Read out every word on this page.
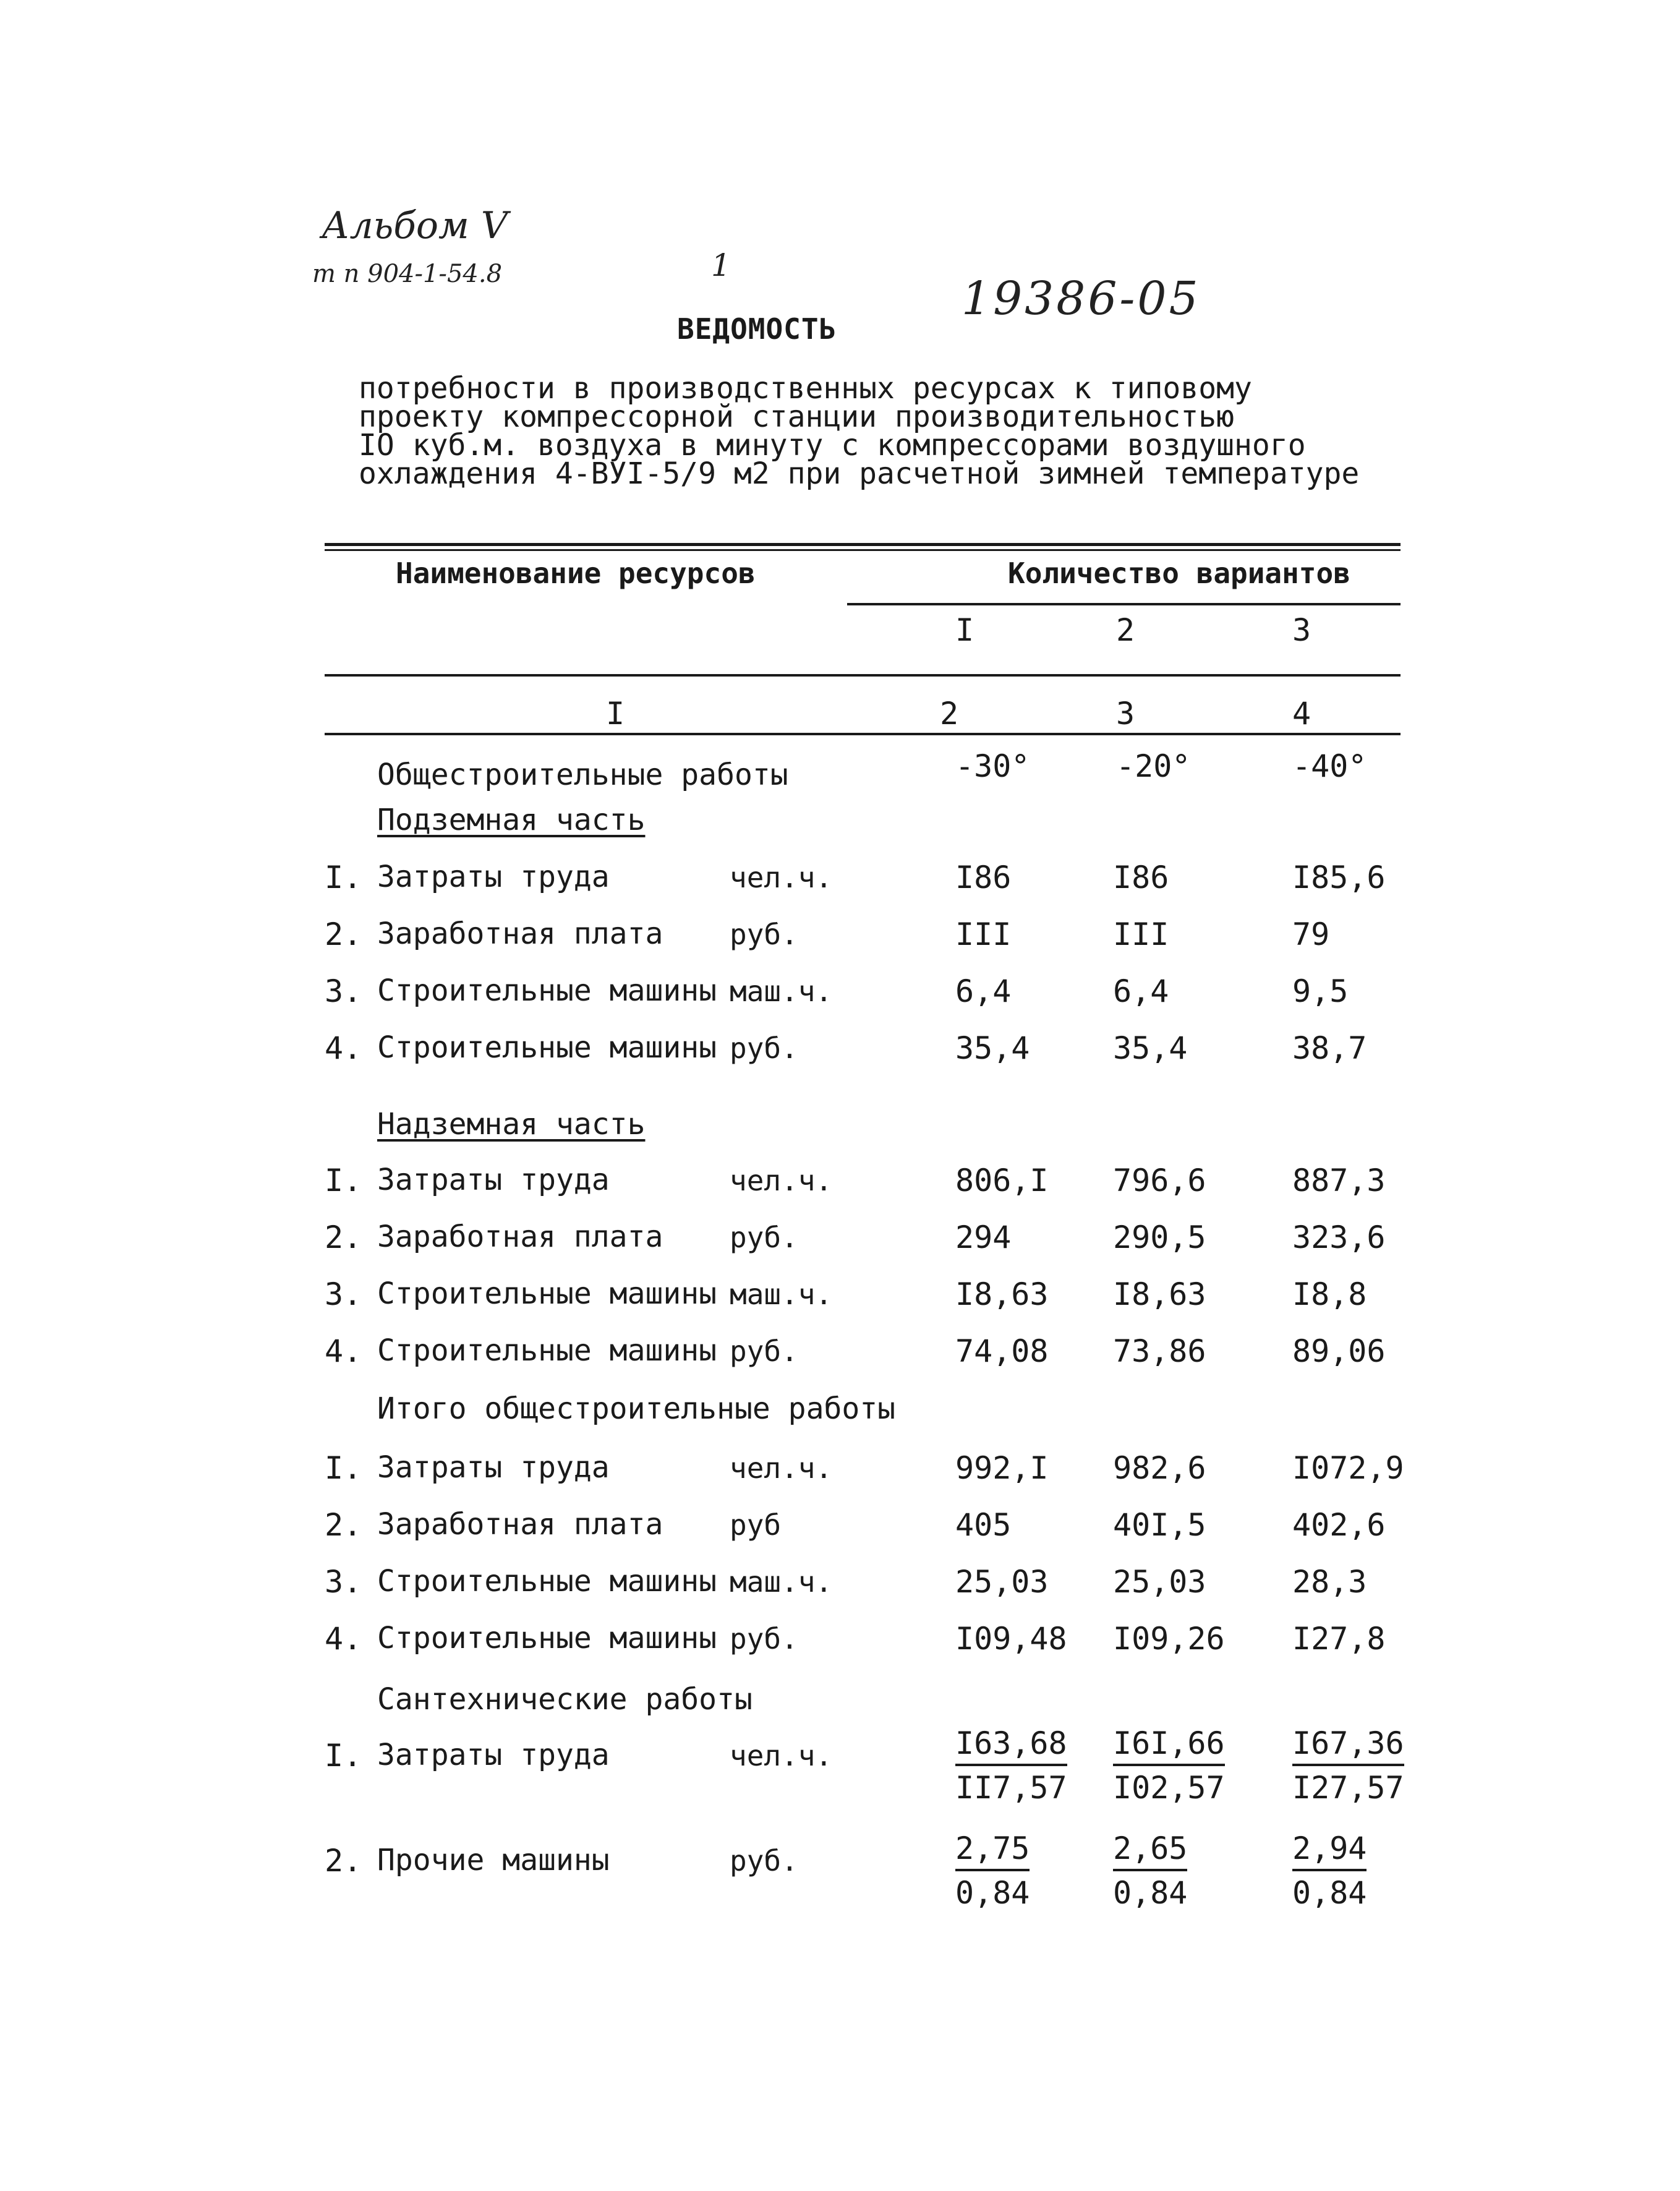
Альбом Ⅴ
т п 904-1-54.8	1
19386-05
ВЕДОМОСТЬ
потребности в производственных ресурсах к типовому
проекту компрессорной станции производительностью
IO куб.м. воздуха в минуту с компрессорами воздушного
охлаждения 4-ВУI-5/9 м2 при расчетной зимней температуре
Наименование ресурсов	Количество вариантов
I	2	3
I	2	3	4
Общестроительные работы	-30°	-20°	-40°
Подземная часть
I. Затраты труда	чел.ч.	I86	I86	I85,6
2. Заработная плата руб.	III	III	79
3. Строительные машины маш.ч.	6,4	6,4	9,5
4. Строительные машины руб.	35,4	35,4	38,7
Надземная часть
I. Затраты труда	чел.ч.	806,I 796,6	887,3
2. Заработная плата руб.	294	290,5	323,6
3. Строительные машины маш.ч.	I8,63 I8,63	I8,8
4. Строительные машины руб.	74,08 73,86	89,06
Итого общестроительные работы
I. Затраты труда	чел.ч.	992,I 982,6	I072,9
2. Заработная плата руб	405	40I,5	402,6
3. Строительные машины маш.ч.	25,03 25,03	28,3
4. Строительные машины руб.	I09,48 I09,26 I27,8
Сантехнические работы
I. Затраты труда	чел.ч.	$\frac{I63,68}{II7,57} \frac{I6I,66}{I02,57} \frac{I67,36}{I27,57}$
2. Прочие машины	руб.	$\frac{2,75}{0,84}$	$\frac{2,65}{0,84}$	$\frac{2,94}{0,84}$
